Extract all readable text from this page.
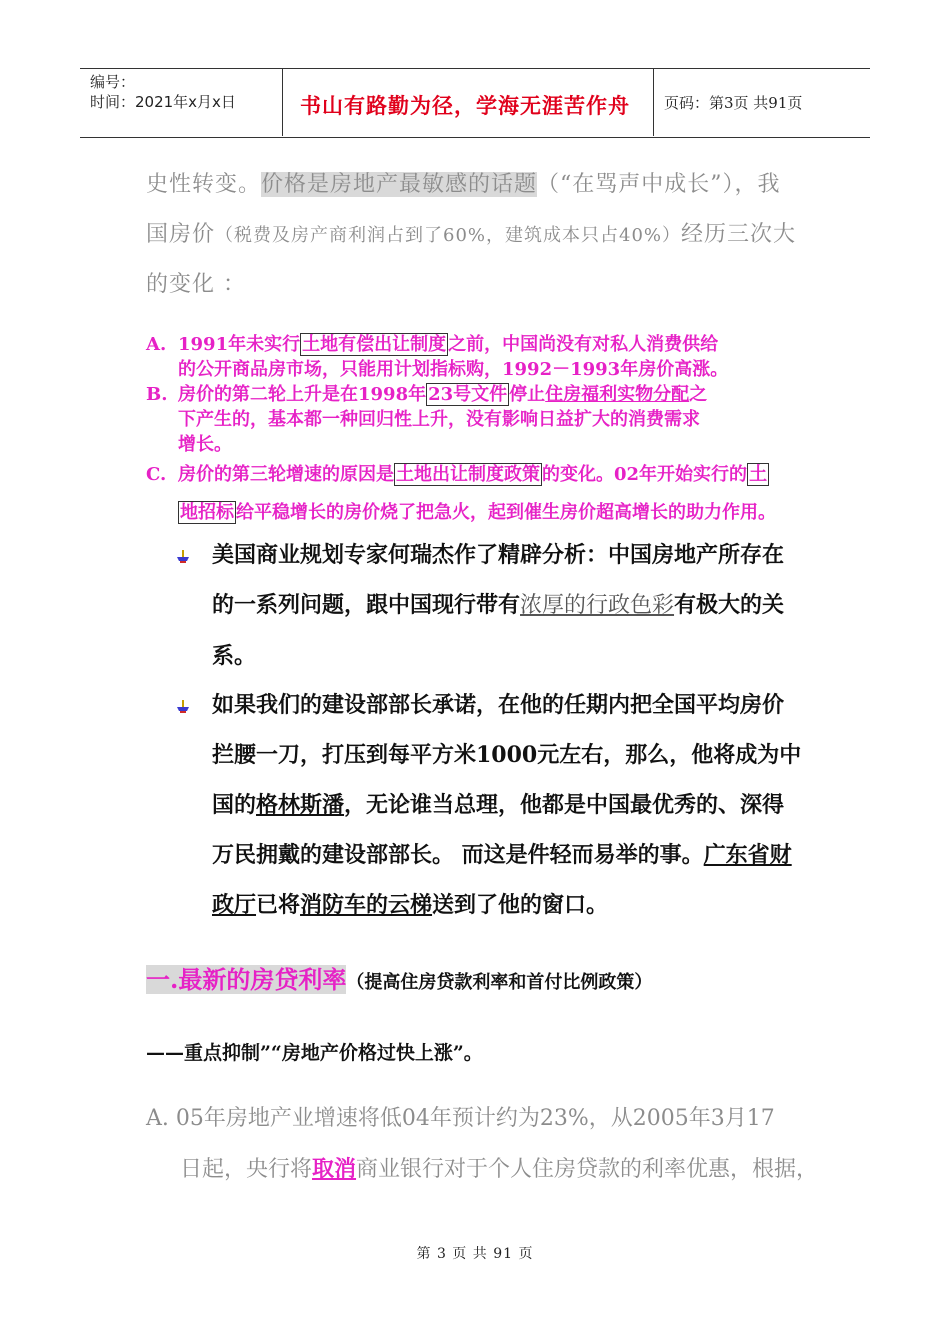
编号：
时间：2021年x月x日	书山有路勤为径，学海无涯苦作舟 页码：第3页 共91页
史性转变。价格是房地产最敏感的话题（“在骂声中成长”），我
国房价（税费及房产商利润占到了60%，建筑成本只占40%）经历三次大
的变化 ：
A. 1991年未实行 土地有偿出让制度 之前，中国尚没有对私人消费供给
的公开商品房市场，只能用计划指标购，1992－1993年房价高涨。
B. 房价的第二轮上升是在1998年 23号文件 停止住房福利实物分配之
下产生的，基本都一种回归性上升，没有影响日益扩大的消费需求
增长。
C. 房价的第三轮增速的原因是 土地出让制度政策 的变化。02年开始实行的 土
地招标 给平稳增长的房价烧了把急火，起到催生房价超高增长的助力作用。
美国商业规划专家何瑞杰作了精辟分析：中国房地产所存在
的一系列问题，跟中国现行带有浓厚的行政色彩有极大的关
系。
如果我们的建设部部长承诺，在他的任期内把全国平均房价
拦腰一刀，打压到每平方米1000元左右，那么，他将成为中
国的格林斯潘，无论谁当总理，他都是中国最优秀的、深得
万民拥戴的建设部部长。 而这是件轻而易举的事。广东省财
政厅已将消防车的云梯送到了他的窗口。
一.最新的房贷利率（提高住房贷款利率和首付比例政策）
——重点抑制”“房地产价格过快上涨”。
A. 05年房地产业增速将低04年预计约为23%，从2005年3月17
日起，央行将取消商业银行对于个人住房贷款的利率优惠，根据，
第 3 页 共 91 页
